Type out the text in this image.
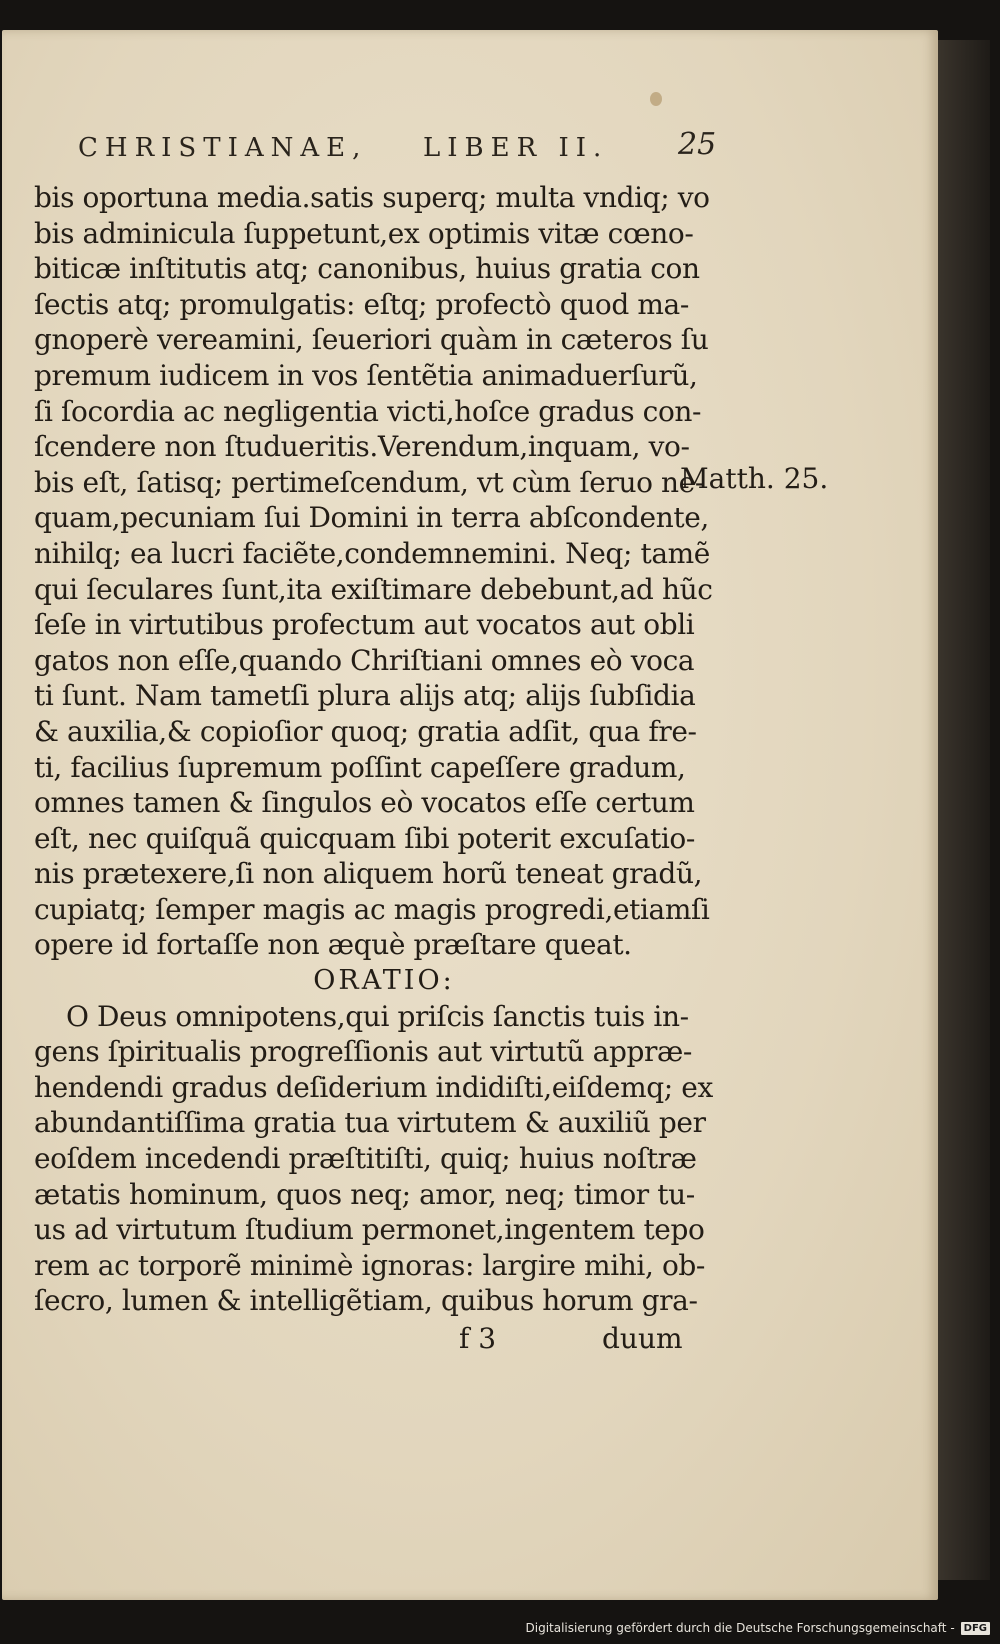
CHRISTIANAE, LIBER II. 25
bis oportuna media.satis superq; multa vndiq; vo
bis adminicula ſuppetunt,ex optimis vitæ cœno-
biticæ inſtitutis atq; canonibus, huius gratia con
ſectis atq; promulgatis: eſtq; profectò quod ma-
gnoperè vereamini, ſeueriori quàm in cæteros ſu
premum iudicem in vos ſentẽtia animaduerſurũ,
ſi ſocordia ac negligentia victi,hoſce gradus con-
ſcendere non ſtudueritis.Verendum,inquam, vo-
bis eſt, ſatisq; pertimeſcendum, vt cùm ſeruo ne-
quam,pecuniam ſui Domini in terra abſcondente,
nihilq; ea lucri faciẽte,condemnemini. Neq; tamẽ
qui ſeculares ſunt,ita exiſtimare debebunt,ad hũc
ſeſe in virtutibus profectum aut vocatos aut obli
gatos non eſſe,quando Chriſtiani omnes eò voca
ti ſunt. Nam tametſi plura alijs atq; alijs ſubſidia
& auxilia,& copioſior quoq; gratia adſit, qua fre-
ti, facilius ſupremum poſſint capeſſere gradum,
omnes tamen & ſingulos eò vocatos eſſe certum
eſt, nec quiſquã quicquam ſibi poterit excuſatio-
nis prætexere,ſi non aliquem horũ teneat gradũ,
cupiatq; ſemper magis ac magis progredi,etiamſi
opere id fortaſſe non æquè præſtare queat.
ORATIO:
O Deus omnipotens,qui priſcis ſanctis tuis in-
gens ſpiritualis progreſſionis aut virtutũ appræ-
hendendi gradus deſiderium indidiſti,eiſdemq; ex
abundantiſſima gratia tua virtutem & auxiliũ per
eoſdem incedendi præſtitiſti, quiq; huius noſtræ
ætatis hominum, quos neq; amor, neq; timor tu-
us ad virtutum ſtudium permonet,ingentem tepo
rem ac torporẽ minimè ignoras: largire mihi, ob-
ſecro, lumen & intelligẽtiam, quibus horum gra-
Matth. 25.
f 3	duum
Digitalisierung gefördert durch die Deutsche Forschungsgemeinschaft - DFG
